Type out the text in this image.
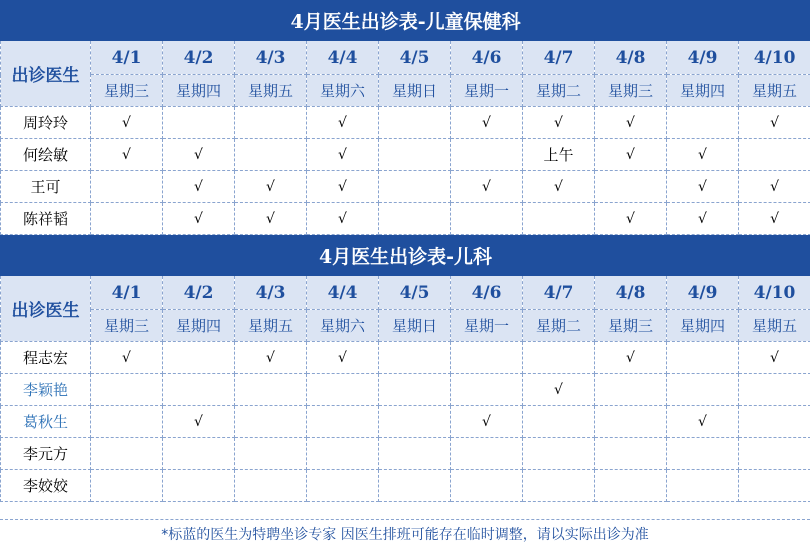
4月医生出诊表-儿童保健科										
出诊医生	4/1	4/2	4/3	4/4	4/5	4/6	4/7	4/8	4/9	4/10
	星期三	星期四	星期五	星期六	星期日	星期一	星期二	星期三	星期四	星期五
周玲玲	√			√		√	√	√		√
何绘敏	√	√		√			上午	√	√	
王可		√	√	√		√	√		√	√
陈祥韬		√	√	√				√	√	√
4月医生出诊表-儿科										
出诊医生	4/1	4/2	4/3	4/4	4/5	4/6	4/7	4/8	4/9	4/10
	星期三	星期四	星期五	星期六	星期日	星期一	星期二	星期三	星期四	星期五
程志宏	√		√	√				√		√
李颖艳							√			
葛秋生		√				√			√	
李元方										
李姣姣										
*标蓝的医生为特聘坐诊专家 因医生排班可能存在临时调整，请以实际出诊为准
